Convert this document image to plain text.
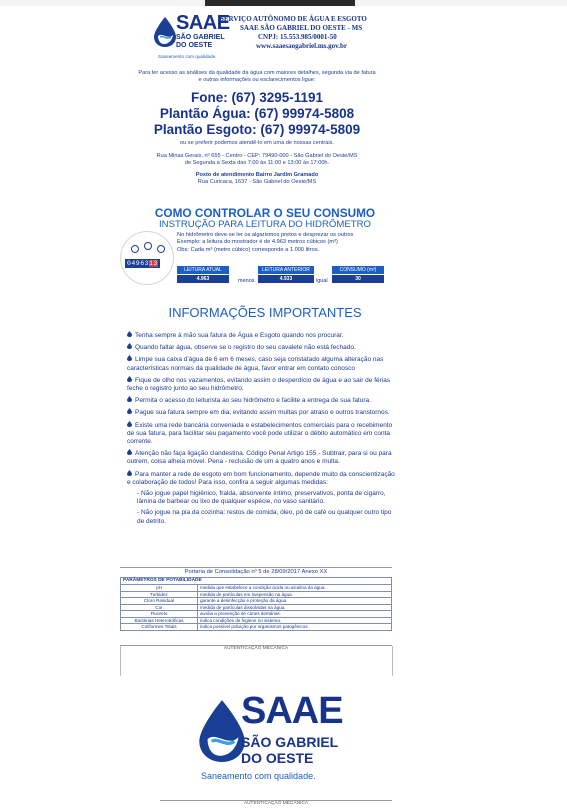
SAAE
SÃO GABRIEL
DO OESTE
Saneamento com qualidade.
SERVIÇO AUTÔNOMO DE ÁGUA E ESGOTO
SAAE SÃO GABRIEL DO OESTE - MS
CNPJ: 15.553.985/0001-50
www.saaesaogabriel.ms.gov.br
Para ter acesso as análises da qualidade da água com maiores detalhes, segunda via de fatura
e outras informações ou esclarecimentos ligue:
Fone: (67) 3295-1191
Plantão Água: (67) 99974-5808
Plantão Esgoto: (67) 99974-5809
ou se preferir podemos atendê-lo em uma de nossas centrais.
Rua Minas Gerais, nº 655 - Centro - CEP: 79490-000 - São Gabriel do Oeste/MS
de Segunda a Sexta das 7:00 às 11:00 e 13:00 às 17:00h.
Posto de atendimento Bairro Jardim Gramado
Rua Curicaca, 1637 - São Gabriel do Oeste/MS
COMO CONTROLAR O SEU CONSUMO
INSTRUÇÃO PARA LEITURA DO HIDRÔMETRO
0496313
No hidrômetro deve-se ler os algarismos pretos e desprezar os outros
Exemplo: a leitura do mostrador é de 4.963 metros cúbicos (m³)
Obs: Cada m³ (metro cúbico) corresponde a 1.000 litros.
LEITURA ATUAL
4.963	menos
LEITURA ANTERIOR
4.933	igual
CONSUMO (m³)
30
INFORMAÇÕES IMPORTANTES
Tenha sempre à mão sua fatura de Água e Esgoto quando nos procurar.
Quando faltar água, observe se o registro do seu cavalete não está fechado.
Limpe sua caixa d'água de 6 em 6 meses, caso seja constatado alguma alteração nas características normais da qualidade de água, favor entrar em contato conosco
Fique de olho nos vazamentos, evitando assim o desperdício de água e ao sair de férias feche o registro junto ao seu hidrômetro.
Permita o acesso do leiturista ao seu hidrômetro e facilite a entrega de sua fatura.
Pague sua fatura sempre em dia, evitando assim multas por atraso e outros transtornos.
Existe uma rede bancária conveniada e estabelecimentos comerciais para o recebimento de sua fatura, para facilitar seu pagamento você pode utilizar o débito automático em conta corrente.
Atenção não faça ligação clandestina. Código Penal Artigo 155 - Subtrair, para si ou para outrem, coisa alheia móvel. Pena - reclusão de um a quatro anos e multa.
Para manter a rede de esgoto em bom funcionamento, depende muito da conscientização e colaboração de todos! Para isso, confira a seguir algumas medidas:
- Não jogue papel higiênico, fralda, absorvente íntimo, preservativos, ponta de cigarro, lâmina de barbear ou lixo de qualquer espécie, no vaso sanitário.
- Não jogue na pia da cozinha: restos de comida, óleo, pó de café ou qualquer outro tipo de detrito.
Portaria de Consolidação nº 5 de 28/09/2017 Anexo XX
PARÂMETROS DE POTABILIDADE
pH	medida que estabelece a condição ácida ou alcalina da água.
Turbidez	medida de partículas em suspensão na água.
Cloro Residual	garante a desinfecção e proteção da água.
Cor	medida de partículas dissolvidas na água.
Fluoreto	auxilia a prevenção de cáries dentárias.
Bactérias Heterotróficas	indica condições de higiene no sistema.
Coliformes Totais	indica possível poluição por organismos patogênicos.
AUTENTICAÇÃO MECÂNICA
SAAE
SÃO GABRIEL
DO OESTE
Saneamento com qualidade.
AUTENTICAÇÃO MECÂNICA
